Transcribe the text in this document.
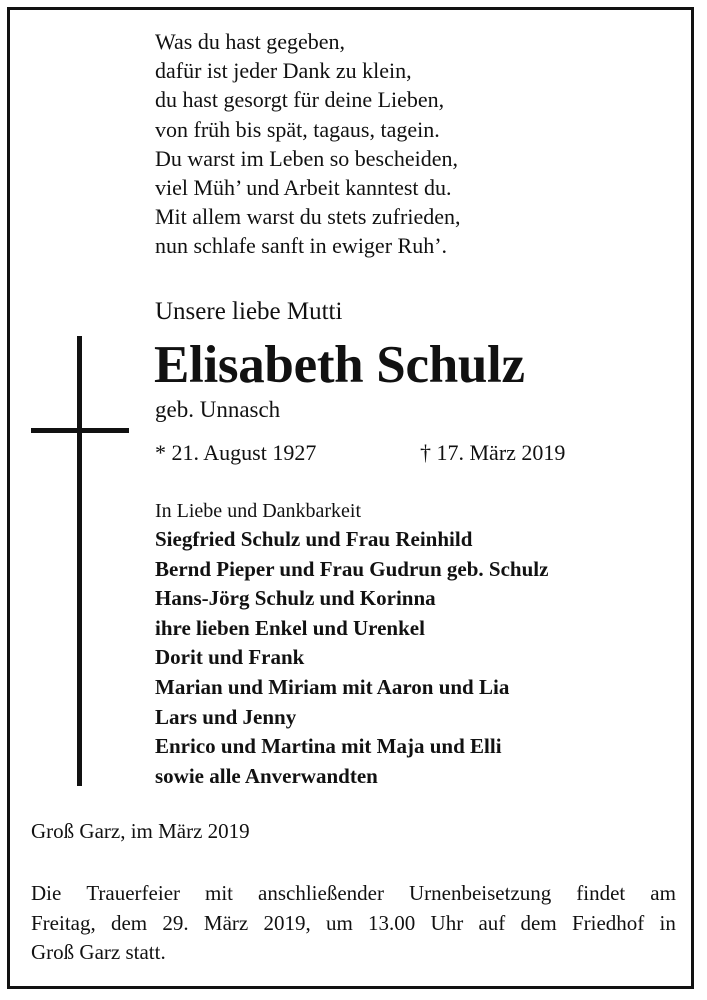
Was du hast gegeben,
dafür ist jeder Dank zu klein,
du hast gesorgt für deine Lieben,
von früh bis spät, tagaus, tagein.
Du warst im Leben so bescheiden,
viel Müh’ und Arbeit kanntest du.
Mit allem warst du stets zufrieden,
nun schlafe sanft in ewiger Ruh’.
Unsere liebe Mutti
Elisabeth Schulz
geb. Unnasch
* 21. August 1927	† 17. März 2019
In Liebe und Dankbarkeit
Siegfried Schulz und Frau Reinhild
Bernd Pieper und Frau Gudrun geb. Schulz
Hans-Jörg Schulz und Korinna
ihre lieben Enkel und Urenkel
Dorit und Frank
Marian und Miriam mit Aaron und Lia
Lars und Jenny
Enrico und Martina mit Maja und Elli
sowie alle Anverwandten
Groß Garz, im März 2019
Die Trauerfeier mit anschließender Urnenbeisetzung findet am
Freitag, dem 29. März 2019, um 13.00 Uhr auf dem Friedhof in
Groß Garz statt.
